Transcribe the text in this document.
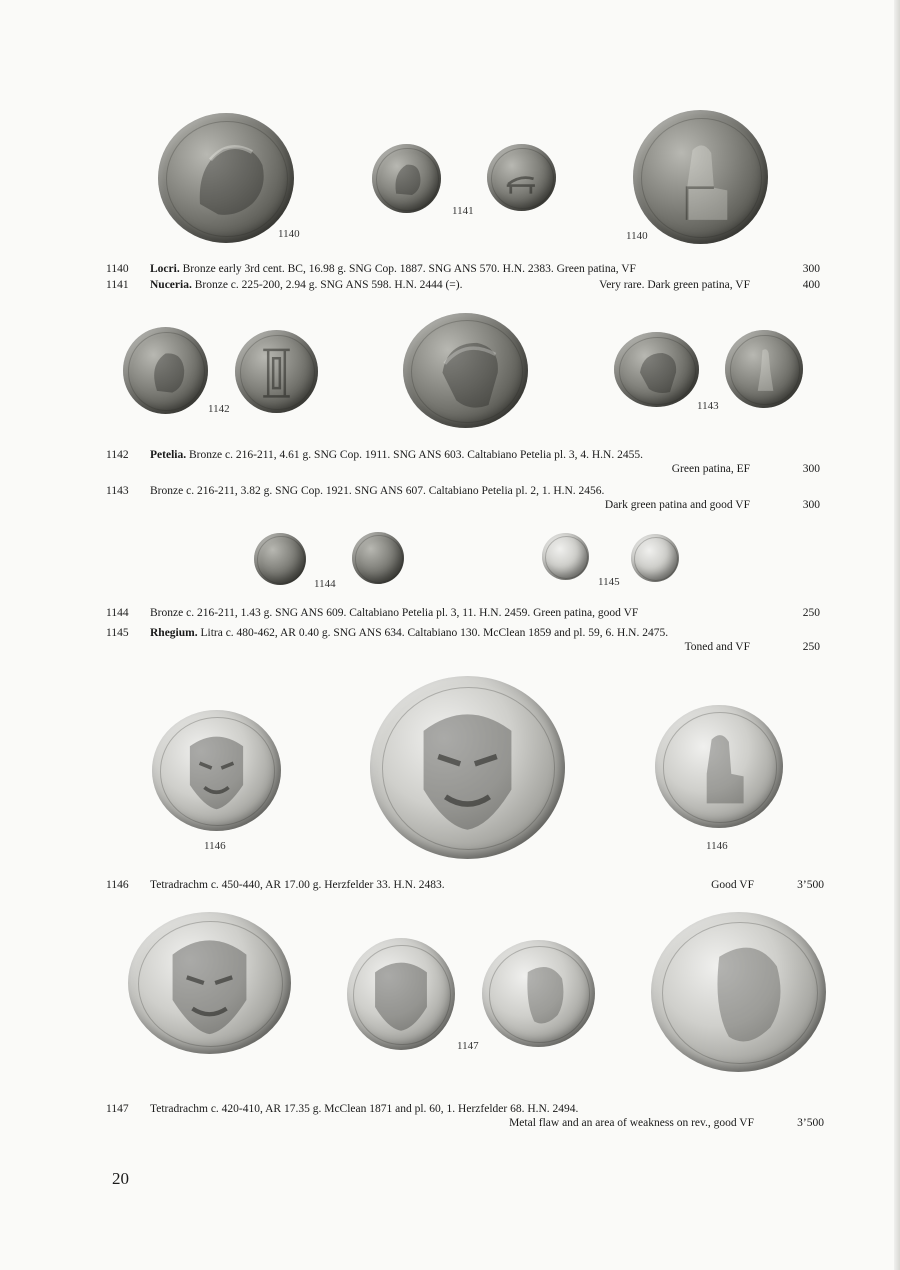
1140
1141
1140
1140 Locri. Bronze early 3rd cent. BC, 16.98 g. SNG Cop. 1887. SNG ANS 570. H.N. 2383. Green patina, VF	300
1141 Nuceria. Bronze c. 225-200, 2.94 g. SNG ANS 598. H.N. 2444 (=).	Very rare. Dark green patina, VF	400
1142	1143
1142 Petelia. Bronze c. 216-211, 4.61 g. SNG Cop. 1911. SNG ANS 603. Caltabiano Petelia pl. 3, 4. H.N. 2455.
Green patina, EF	300
1143 Bronze c. 216-211, 3.82 g. SNG Cop. 1921. SNG ANS 607. Caltabiano Petelia pl. 2, 1. H.N. 2456.
Dark green patina and good VF	300
1144	1145
1144 Bronze c. 216-211, 1.43 g. SNG ANS 609. Caltabiano Petelia pl. 3, 11. H.N. 2459. Green patina, good VF	250
1145 Rhegium. Litra c. 480-462, AR 0.40 g. SNG ANS 634. Caltabiano 130. McClean 1859 and pl. 59, 6. H.N. 2475.
Toned and VF	250
1146	1146
1146 Tetradrachm c. 450-440, AR 17.00 g. Herzfelder 33. H.N. 2483.	Good VF	3’500
1147
1147 Tetradrachm c. 420-410, AR 17.35 g. McClean 1871 and pl. 60, 1. Herzfelder 68. H.N. 2494.
Metal flaw and an area of weakness on rev., good VF	3’500
20
